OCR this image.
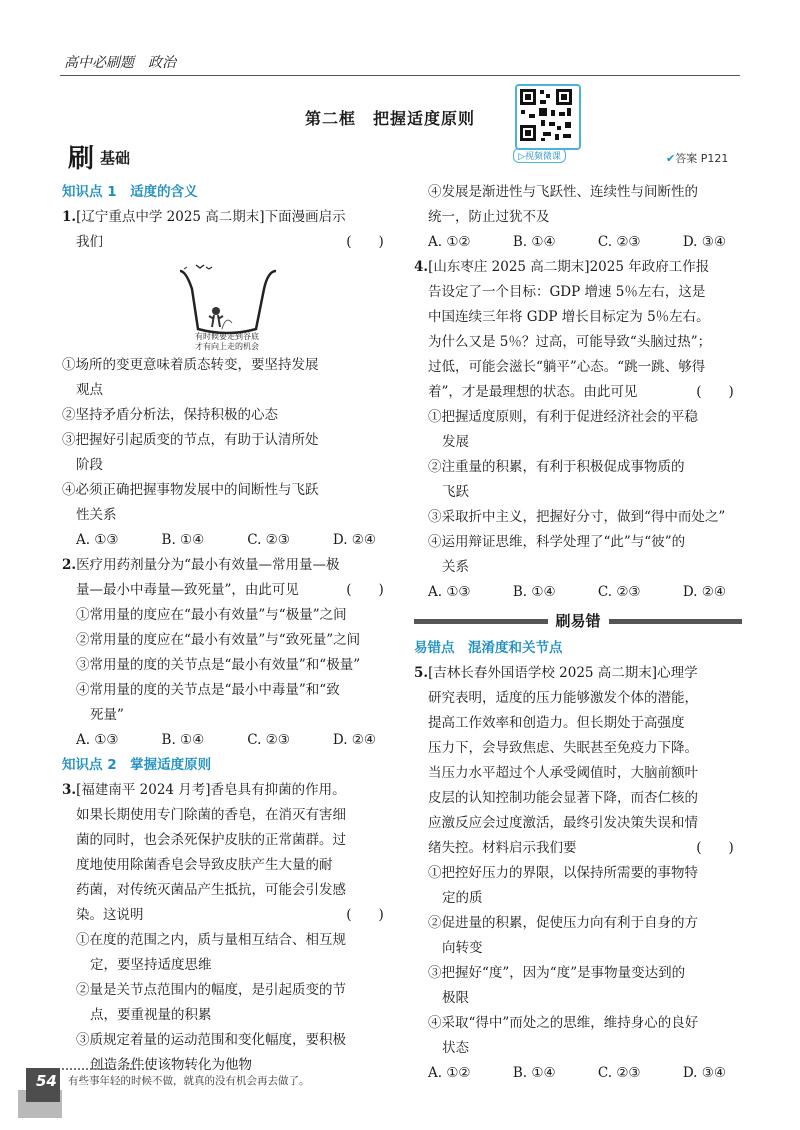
高中必刷题　政治
第二框　把握适度原则
▷视频微课
刷 基础	✔答案 P121
知识点 1　适度的含义
1.[辽宁重点中学 2025 高二期末]下面漫画启示
我们	(　　)
有时候要走到谷底
才有向上走的机会
①场所的变更意味着质态转变，要坚持发展
观点
②坚持矛盾分析法，保持积极的心态
③把握好引起质变的节点，有助于认清所处
阶段
④必须正确把握事物发展中的间断性与飞跃
性关系
A. ①③	B. ①④	C. ②③	D. ②④
2.医疗用药剂量分为“最小有效量—常用量—极
量—最小中毒量—致死量”，由此可见	(　　)
①常用量的度应在“最小有效量”与“极量”之间
②常用量的度应在“最小有效量”与“致死量”之间
③常用量的度的关节点是“最小有效量”和“极量”
④常用量的度的关节点是“最小中毒量”和“致
死量”
A. ①③	B. ①④	C. ②③	D. ②④
知识点 2　掌握适度原则
3.[福建南平 2024 月考]香皂具有抑菌的作用。
如果长期使用专门除菌的香皂，在消灭有害细
菌的同时，也会杀死保护皮肤的正常菌群。过
度地使用除菌香皂会导致皮肤产生大量的耐
药菌，对传统灭菌品产生抵抗，可能会引发感
染。这说明	(　　)
①在度的范围之内，质与量相互结合、相互规
定，要坚持适度思维
②量是关节点范围内的幅度，是引起质变的节
点，要重视量的积累
③质规定着量的运动范围和变化幅度，要积极
创造条件使该物转化为他物
④发展是渐进性与飞跃性、连续性与间断性的
统一，防止过犹不及
A. ①②	B. ①④	C. ②③	D. ③④
4.[山东枣庄 2025 高二期末]2025 年政府工作报
告设定了一个目标：GDP 增速 5％左右，这是
中国连续三年将 GDP 增长目标定为 5％左右。
为什么又是 5％？过高，可能导致“头脑过热”；
过低，可能会滋长“躺平”心态。“跳一跳、够得
着”，才是最理想的状态。由此可见	(　　)
①把握适度原则，有利于促进经济社会的平稳
发展
②注重量的积累，有利于积极促成事物质的
飞跃
③采取折中主义，把握好分寸，做到“得中而处之”
④运用辩证思维，科学处理了“此”与“彼”的
关系
A. ①③	B. ①④	C. ②③	D. ②④
刷易错
易错点　混淆度和关节点
5.[吉林长春外国语学校 2025 高二期末]心理学
研究表明，适度的压力能够激发个体的潜能，
提高工作效率和创造力。但长期处于高强度
压力下，会导致焦虑、失眠甚至免疫力下降。
当压力水平超过个人承受阈值时，大脑前额叶
皮层的认知控制功能会显著下降，而杏仁核的
应激反应会过度激活，最终引发决策失误和情
绪失控。材料启示我们要	(　　)
①把控好压力的界限，以保持所需要的事物特
定的质
②促进量的积累，促使压力向有利于自身的方
向转变
③把握好“度”，因为“度”是事物量变达到的
极限
④采取“得中”而处之的思维，维持身心的良好
状态
A. ①②	B. ①④	C. ②③	D. ③④
54 有些事年轻的时候不做，就真的没有机会再去做了。
